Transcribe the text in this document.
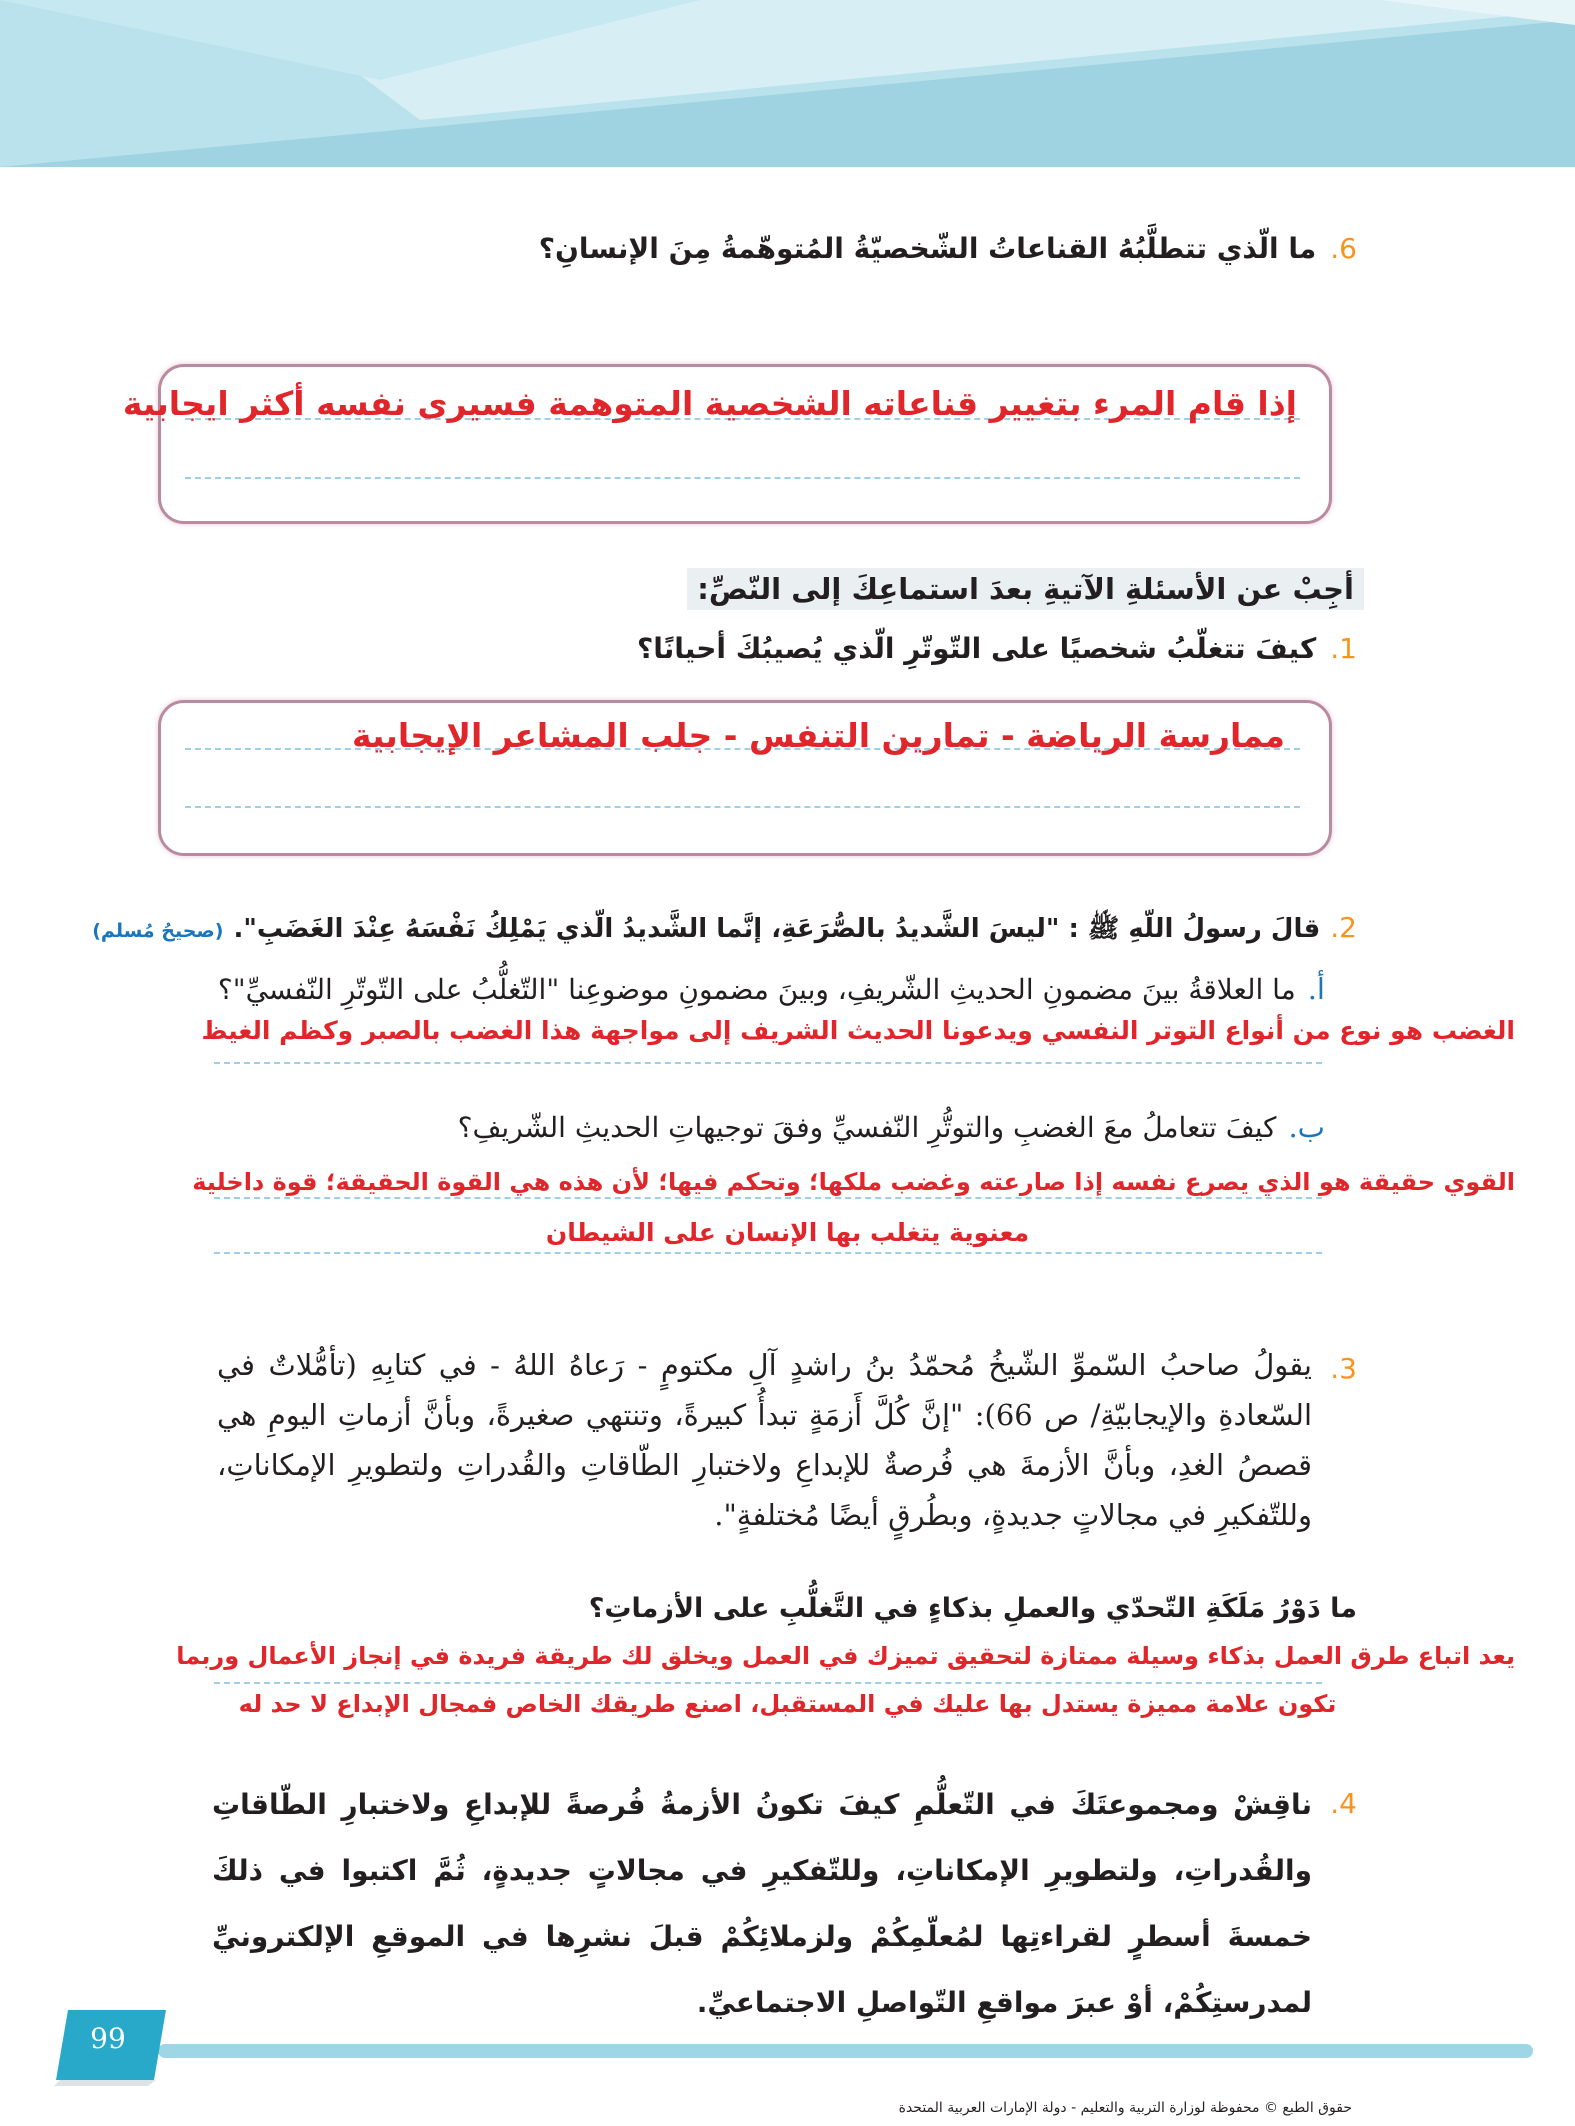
6.
ما الّذي تتطلَّبُهُ القناعاتُ الشّخصيّةُ المُتوهّمةُ مِنَ الإنسانِ؟
إذا قام المرء بتغيير قناعاته الشخصية المتوهمة فسيرى نفسه أكثر ايجابية
أجِبْ عن الأسئلةِ الآتيةِ بعدَ استماعِكَ إلى النّصِّ:
1.
كيفَ تتغلّبُ شخصيًا على التّوتّرِ الّذي يُصيبُكَ أحيانًا؟
ممارسة الرياضة - تمارين التنفس - جلب المشاعر الإيجابية
2.
قالَ رسولُ اللّهِ ﷺ : "ليسَ الشَّديدُ بالصُّرَعَةِ، إنَّما الشَّديدُ الّذي يَمْلِكُ نَفْسَهُ عِنْدَ الغَضَبِ".
(صحيحُ مُسلم)
أ.ما العلاقةُ بينَ مضمونِ الحديثِ الشّريفِ، وبينَ مضمونِ موضوعِنا "التّغلُّبُ على التّوتّرِ النّفسيِّ"؟
الغضب هو نوع من أنواع التوتر النفسي ويدعونا الحديث الشريف إلى مواجهة هذا الغضب بالصبر وكظم الغيظ
ب.كيفَ تتعاملُ معَ الغضبِ والتوتُّرِ النّفسيِّ وفقَ توجيهاتِ الحديثِ الشّريفِ؟
القوي حقيقة هو الذي يصرع نفسه إذا صارعته وغضب ملكها؛ وتحكم فيها؛ لأن هذه هي القوة الحقيقة؛ قوة داخلية
معنوية يتغلب بها الإنسان على الشيطان
3.
يقولُ صاحبُ السّموِّ الشّيخُ مُحمّدُ بنُ راشدٍ آلِ مكتومٍ - رَعاهُ اللهُ - في كتابِهِ (تأمُّلاتٌ في السّعادةِ والإيجابيّةِ/ ص 66): "إنَّ كُلَّ أَزمَةٍ تبدأُ كبيرةً، وتنتهي صغيرةً، وبأنَّ أزماتِ اليومِ هي قصصُ الغدِ، وبأنَّ الأزمةَ هي فُرصةٌ للإبداعِ ولاختبارِ الطّاقاتِ والقُدراتِ ولتطويرِ الإمكاناتِ، وللتّفكيرِ في مجالاتٍ جديدةٍ، وبطُرقٍ أيضًا مُختلفةٍ".
ما دَوْرُ مَلَكَةِ التّحدّي والعملِ بذكاءٍ في التَّغلُّبِ على الأزماتِ؟
يعد اتباع طرق العمل بذكاء وسيلة ممتازة لتحقيق تميزك في العمل ويخلق لك طريقة فريدة في إنجاز الأعمال وربما
تكون علامة مميزة يستدل بها عليك في المستقبل، اصنع طريقك الخاص فمجال الإبداع لا حد له
4.
ناقِشْ ومجموعتَكَ في التّعلُّمِ كيفَ تكونُ الأزمةُ فُرصةً للإبداعِ ولاختبارِ الطّاقاتِ والقُدراتِ، ولتطويرِ الإمكاناتِ، وللتّفكيرِ في مجالاتٍ جديدةٍ، ثُمَّ اكتبوا في ذلكَ خمسةَ أسطرٍ لقراءتِها لمُعلّمِكُمْ ولزملائِكُمْ قبلَ نشرِها في الموقعِ الإلكترونيِّ لمدرستِكُمْ، أوْ عبرَ مواقعِ التّواصلِ الاجتماعيِّ.
99
حقوق الطبع © محفوظة لوزارة التربية والتعليم - دولة الإمارات العربية المتحدة
